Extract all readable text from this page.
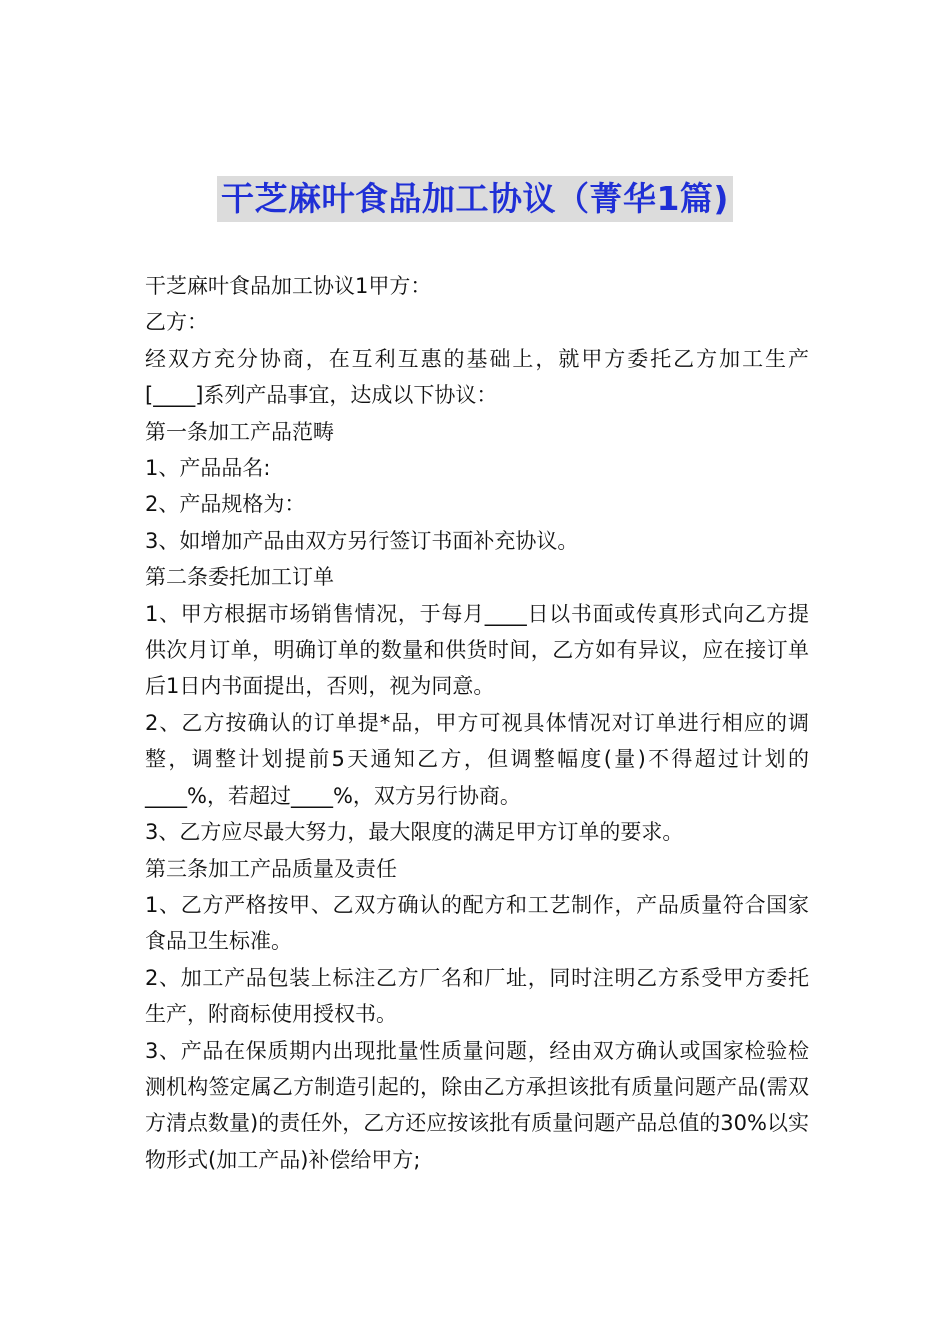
干芝麻叶食品加工协议（菁华1篇)

干芝麻叶食品加工协议1甲方：

乙方：

经双方充分协商，在互利互惠的基础上，就甲方委托乙方加工生产[____]系列产品事宜，达成以下协议：

第一条加工产品范畴

1、产品品名:

2、产品规格为：

3、如增加产品由双方另行签订书面补充协议。

第二条委托加工订单

1、甲方根据市场销售情况，于每月____日以书面或传真形式向乙方提供次月订单，明确订单的数量和供货时间，乙方如有异议，应在接订单后1日内书面提出，否则，视为同意。

2、乙方按确认的订单提*品，甲方可视具体情况对订单进行相应的调整，调整计划提前5天通知乙方，但调整幅度(量)不得超过计划的____%，若超过____%，双方另行协商。

3、乙方应尽最大努力，最大限度的满足甲方订单的要求。

第三条加工产品质量及责任

1、乙方严格按甲、乙双方确认的配方和工艺制作，产品质量符合国家食品卫生标准。

2、加工产品包装上标注乙方厂名和厂址，同时注明乙方系受甲方委托生产，附商标使用授权书。

3、产品在保质期内出现批量性质量问题，经由双方确认或国家检验检测机构签定属乙方制造引起的，除由乙方承担该批有质量问题产品(需双方清点数量)的责任外，乙方还应按该批有质量问题产品总值的30%以实物形式(加工产品)补偿给甲方;
